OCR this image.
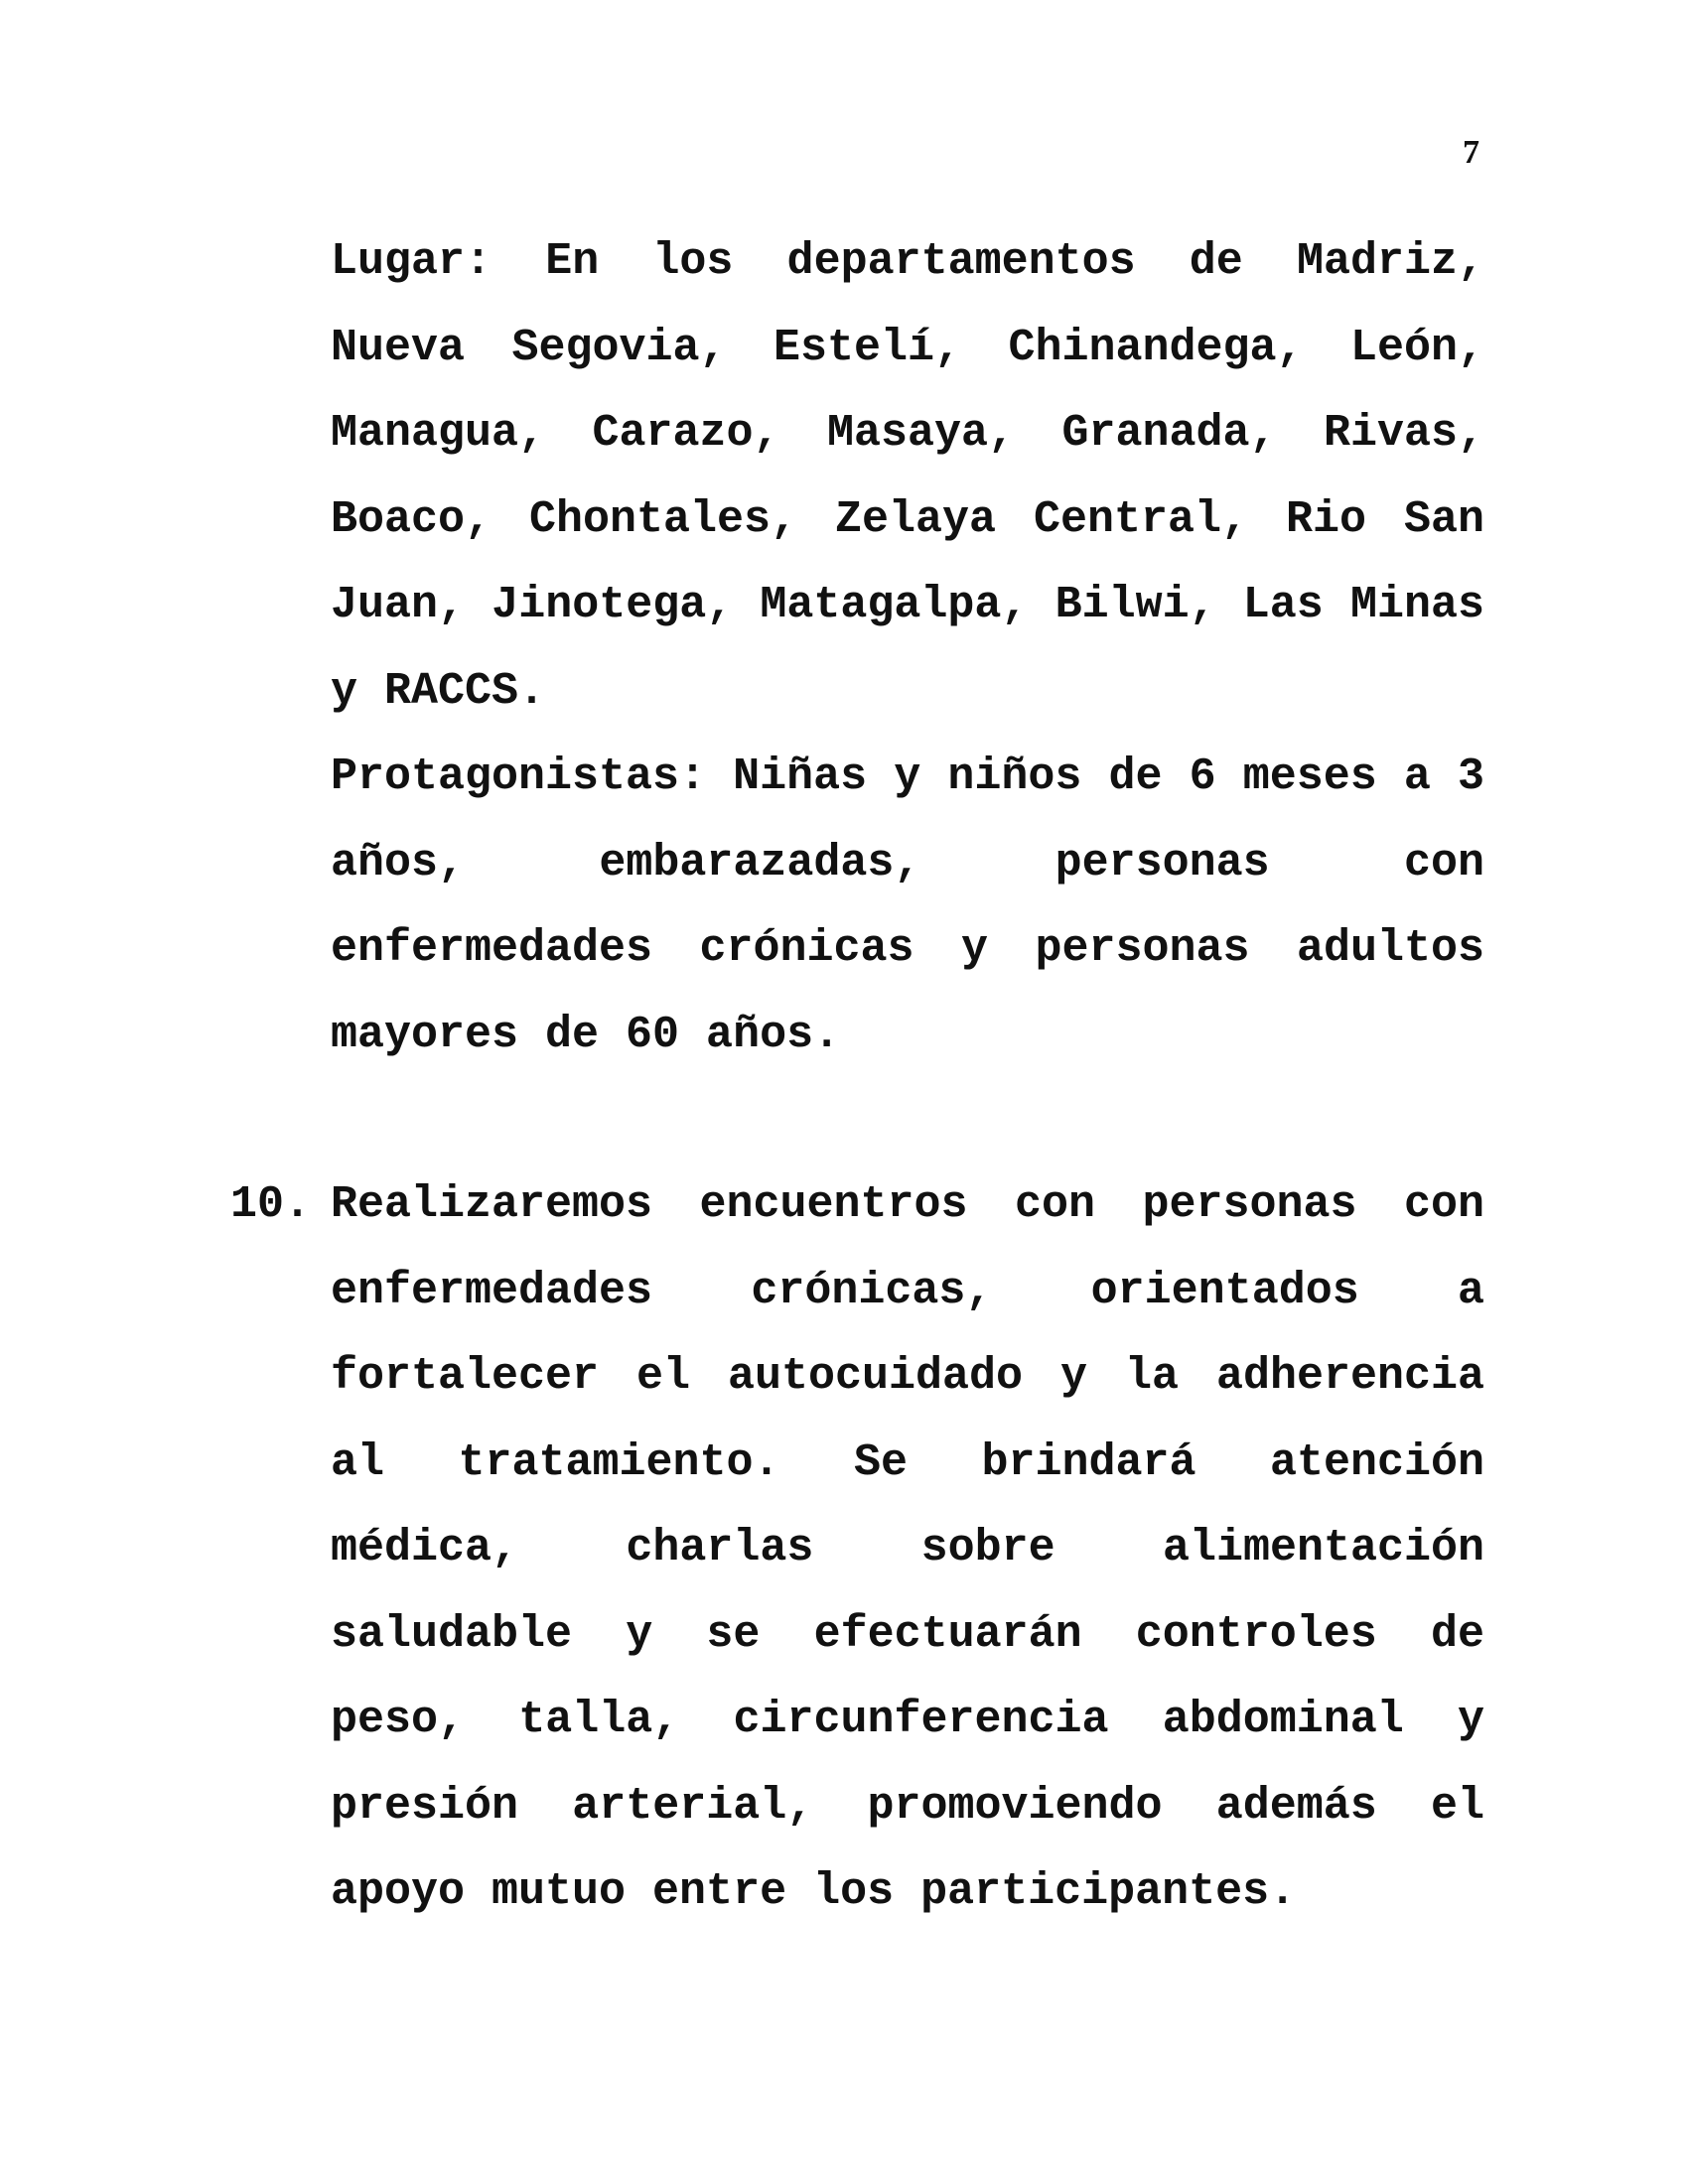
7

Lugar: En los departamentos de Madriz, Nueva Segovia, Estelí, Chinandega, León, Managua, Carazo, Masaya, Granada, Rivas, Boaco, Chontales, Zelaya Central, Rio San Juan, Jinotega, Matagalpa, Bilwi, Las Minas y RACCS.

Protagonistas: Niñas y niños de 6 meses a 3 años, embarazadas, personas con enfermedades crónicas y personas adultos mayores de 60 años.

10. Realizaremos encuentros con personas con enfermedades crónicas, orientados a fortalecer el autocuidado y la adherencia al tratamiento. Se brindará atención médica, charlas sobre alimentación saludable y se efectuarán controles de peso, talla, circunferencia abdominal y presión arterial, promoviendo además el apoyo mutuo entre los participantes.
